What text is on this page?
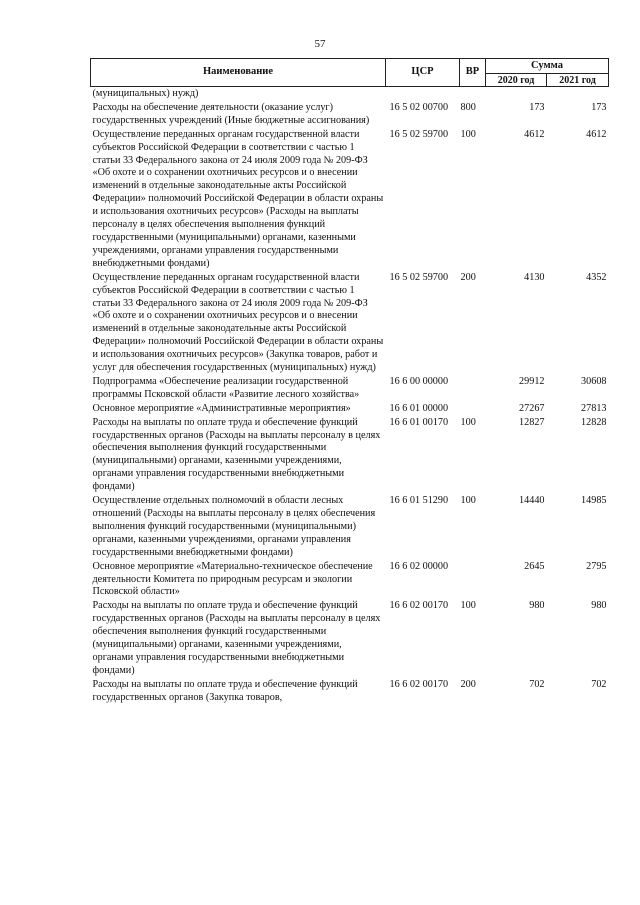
57
Наименование	ЦСР	ВР	Сумма	
			2020 год	2021 год
(муниципальных) нужд)				
Расходы на обеспечение деятельности (оказание услуг) государственных учреждений (Иные бюджетные ассигнования)	16 5 02 00700	800	173	173
Осуществление переданных органам государственной власти субъектов Российской Федерации в соответствии с частью 1 статьи 33 Федерального закона от 24 июля 2009 года № 209-ФЗ «Об охоте и о сохранении охотничьих ресурсов и о внесении изменений в отдельные законодательные акты Российской Федерации» полномочий Российской Федерации в области охраны и использования охотничьих ресурсов» (Расходы на выплаты персоналу в целях обеспечения выполнения функций государственными (муниципальными) органами, казенными учреждениями, органами управления государственными внебюджетными фондами)	16 5 02 59700	100	4612	4612
Осуществление переданных органам государственной власти субъектов Российской Федерации в соответствии с частью 1 статьи 33 Федерального закона от 24 июля 2009 года № 209-ФЗ «Об охоте и о сохранении охотничьих ресурсов и о внесении изменений в отдельные законодательные акты Российской Федерации» полномочий Российской Федерации в области охраны и использования охотничьих ресурсов» (Закупка товаров, работ и услуг для обеспечения государственных (муниципальных) нужд)	16 5 02 59700	200	4130	4352
Подпрограмма «Обеспечение реализации государственной программы Псковской области «Развитие лесного хозяйства»	16 6 00 00000		29912	30608
Основное мероприятие «Административные мероприятия»	16 6 01 00000		27267	27813
Расходы на выплаты по оплате труда и обеспечение функций государственных органов (Расходы на выплаты персоналу в целях обеспечения выполнения функций государственными (муниципальными) органами, казенными учреждениями, органами управления государственными внебюджетными фондами)	16 6 01 00170	100	12827	12828
Осуществление отдельных полномочий в области лесных отношений (Расходы на выплаты персоналу в целях обеспечения выполнения функций государственными (муниципальными) органами, казенными учреждениями, органами управления государственными внебюджетными фондами)	16 6 01 51290	100	14440	14985
Основное мероприятие «Материально-техническое обеспечение деятельности Комитета по природным ресурсам и экологии Псковской области»	16 6 02 00000		2645	2795
Расходы на выплаты по оплате труда и обеспечение функций государственных органов (Расходы на выплаты персоналу в целях обеспечения выполнения функций государственными (муниципальными) органами, казенными учреждениями, органами управления государственными внебюджетными фондами)	16 6 02 00170	100	980	980
Расходы на выплаты по оплате труда и обеспечение функций государственных органов (Закупка товаров,	16 6 02 00170	200	702	702
